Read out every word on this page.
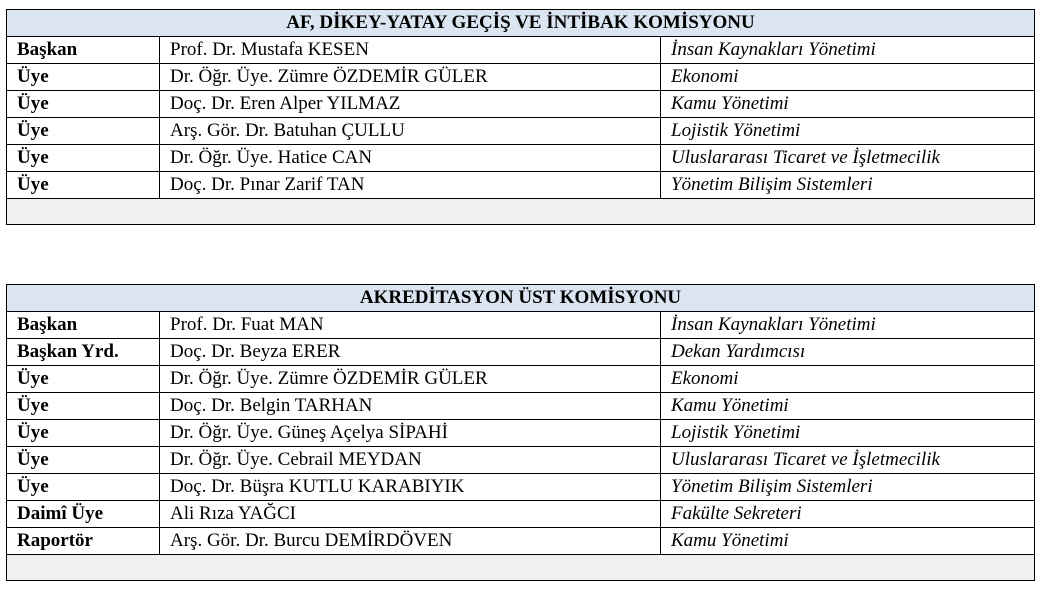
AF, DİKEY-YATAY GEÇİŞ VE İNTİBAK KOMİSYONU		
Başkan	Prof. Dr. Mustafa KESEN	İnsan Kaynakları Yönetimi
Üye	Dr. Öğr. Üye. Zümre ÖZDEMİR GÜLER	Ekonomi
Üye	Doç. Dr. Eren Alper YILMAZ	Kamu Yönetimi
Üye	Arş. Gör. Dr. Batuhan ÇULLU	Lojistik Yönetimi
Üye	Dr. Öğr. Üye. Hatice CAN	Uluslararası Ticaret ve İşletmecilik
Üye	Doç. Dr. Pınar Zarif TAN	Yönetim Bilişim Sistemleri

AKREDİTASYON ÜST KOMİSYONU		
Başkan	Prof. Dr. Fuat MAN	İnsan Kaynakları Yönetimi
Başkan Yrd.	Doç. Dr. Beyza ERER	Dekan Yardımcısı
Üye	Dr. Öğr. Üye. Zümre ÖZDEMİR GÜLER	Ekonomi
Üye	Doç. Dr. Belgin TARHAN	Kamu Yönetimi
Üye	Dr. Öğr. Üye. Güneş Açelya SİPAHİ	Lojistik Yönetimi
Üye	Dr. Öğr. Üye. Cebrail MEYDAN	Uluslararası Ticaret ve İşletmecilik
Üye	Doç. Dr. Büşra KUTLU KARABIYIK	Yönetim Bilişim Sistemleri
Daimî Üye	Ali Rıza YAĞCI	Fakülte Sekreteri
Raportör	Arş. Gör. Dr. Burcu DEMİRDÖVEN	Kamu Yönetimi
